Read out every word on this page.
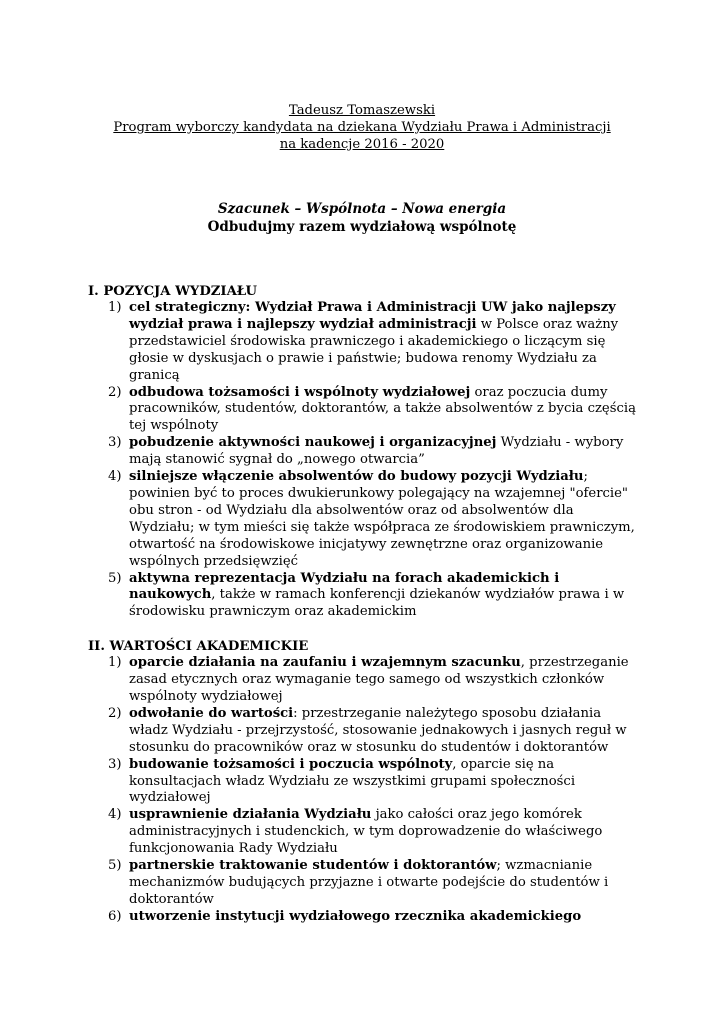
Tadeusz Tomaszewski
Program wyborczy kandydata na dziekana Wydziału Prawa i Administracji
na kadencje 2016 - 2020
Szacunek – Wspólnota – Nowa energia
Odbudujmy razem wydziałową wspólnotę
I. POZYCJA WYDZIAŁU
1) cel strategiczny: Wydział Prawa i Administracji UW jako najlepszy wydział prawa i najlepszy wydział administracji w Polsce oraz ważny przedstawiciel środowiska prawniczego i akademickiego o liczącym się głosie w dyskusjach o prawie i państwie; budowa renomy Wydziału za granicą
2) odbudowa tożsamości i wspólnoty wydziałowej oraz poczucia dumy pracowników, studentów, doktorantów, a także absolwentów z bycia częścią tej wspólnoty
3) pobudzenie aktywności naukowej i organizacyjnej Wydziału - wybory mają stanowić sygnał do „nowego otwarcia”
4) silniejsze włączenie absolwentów do budowy pozycji Wydziału; powinien być to proces dwukierunkowy polegający na wzajemnej "ofercie" obu stron - od Wydziału dla absolwentów oraz od absolwentów dla Wydziału; w tym mieści się także współpraca ze środowiskiem prawniczym, otwartość na środowiskowe inicjatywy zewnętrzne oraz organizowanie wspólnych przedsięwzięć
5) aktywna reprezentacja Wydziału na forach akademickich i naukowych, także w ramach konferencji dziekanów wydziałów prawa i w środowisku prawniczym oraz akademickim
II. WARTOŚCI AKADEMICKIE
1) oparcie działania na zaufaniu i wzajemnym szacunku, przestrzeganie zasad etycznych oraz wymaganie tego samego od wszystkich członków wspólnoty wydziałowej
2) odwołanie do wartości: przestrzeganie należytego sposobu działania władz Wydziału - przejrzystość, stosowanie jednakowych i jasnych reguł w stosunku do pracowników oraz w stosunku do studentów i doktorantów
3) budowanie tożsamości i poczucia wspólnoty, oparcie się na konsultacjach władz Wydziału ze wszystkimi grupami społeczności wydziałowej
4) usprawnienie działania Wydziału jako całości oraz jego komórek administracyjnych i studenckich, w tym doprowadzenie do właściwego funkcjonowania Rady Wydziału
5) partnerskie traktowanie studentów i doktorantów; wzmacnianie mechanizmów budujących przyjazne i otwarte podejście do studentów i doktorantów
6) utworzenie instytucji wydziałowego rzecznika akademickiego
